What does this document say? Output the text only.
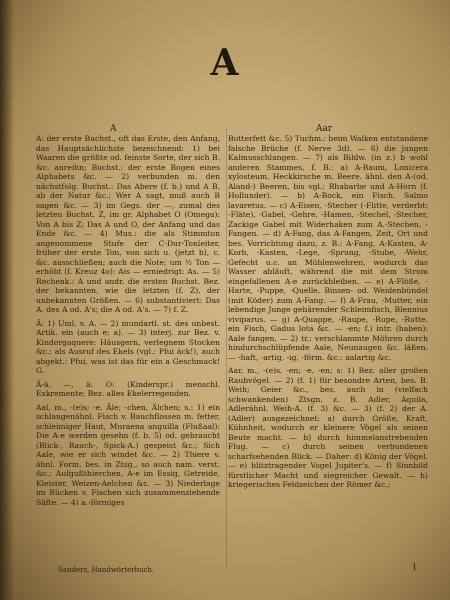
A
A	Aar

A: der erste Buchst., oft das Erste, den Anfang, das Hauptsächlichste bezeichnend: 1) bei Waaren die größte od. feinste Sorte, der sich B. &c. anreihn; Buchst.: der erste Bogen eines Alphabets &c. — 2) verbunden m. den nächstfolg. Buchst.: Das Abere (f. b.) und A B, ab der Natur &c.; Wer A sagt, muß auch B sagen &c. — 3) im Gegs. der —, zumal des letzten Buchst. Z, im gr. Alphabet O (Omega): Von A bis Z; Das A und O, der Anfang und das Ende &c. — 4) Mus.: die als Stimmton angenommene Stufe der C-Dur-Tonleiter, früher der erste Ton, von sich u. (jetzt b), c. &c. ausschließen; auch die Note; um ½ Ton — erhöht (f. Kreuz 4o): Ais — erniedrigt: As. — 5) Rechenk.: A und andr. die ersten Buchst. Bez. der bekannten, wie die letzten (f. Z), der unbekannten Größen. — 6) substantiviert: Das A, des A od. A's; die A od. A's. — 7) f. Z.

Ä: 1) Uml. v. A. — 2) mundartl. st. des unbest. Artik. ein (auch e; a). — 3) interj. zur Bez. v. Kindergaquere: Häusgern, verlegnem Stocken &c.; als Ausruf des Ekels (vgl.: Pfui äck!), auch abgekt.: Pfui, was ist das für ein a Geschmack! G.

Ä-ä, —, ä: O: (Kinderspr.) menschl. Exkremente; Bez. alles Ekelerregenden.

Aal, m., -(e)s; -e. Äle; -chen, Älchen; s.: 1) ein schlangenähnl. Fisch v. Bauchflossen m. fetter, schleimiger Haut, Muraena anguilla (Flußaal): Die A-e werden gesehn (f. b. 5) od. gebraucht (Blick-, Rauch-, Spick-A.) gespeist &c.; Sich Aale, wie er sich windet &c. — 2) Thiere v. ähnl. Form, bes. in Ztsg., so auch nam. verst. &c.: Aufgußthierchen, A-e im Essig, Getreide, Kleister, Weizen-Aelchen &c. — 3) Niederlage im Rücken v. Fischen sich zusammenziehende Säfte. — 4) a.-förmiges

Butterfett &c. 5) Tuchm.: beim Walken entstandene falsche Brüche (f. Nerve 3d). — 6) die jungen Kalmusschlangen. — 7) als Bildw. (in z.) b wohl anderen Stammes, f. B.: a) A-Baum, Lonicera xylosteum, Heckkirsche m. Beere. ähnl. den A-(od. Aland-) Beeren, bis vgl.: Rhabarbe und A-Horn (f. Hollunder). — b) A-Bock, ein Fisch, Salmo lavaretus. — c) A-Eisen, -Stecher (-Flitte, verderbt: -Fläte), -Gabel, -Gehre, -Hamen, -Stechel, -Stecher, Zackige Gabel mit Widerhaken zum A.-Stechen, -Fangen. — d) A-Fang, das A-Fangen, Zeit, Ort und bes. Vorrichtung dazu, z. B.: A-Fang, A-Kasten, A-Korb, -Kasten, -Lege, -Sprung, -Stube, -Wehr, Gefecht u.c. an Mühlenwehren, wodurch das Wasser abläuft, während die mit dem Strom eingefallenen A-e zurückbleiben. — e) A-Flöße, -Harte, -Puppe, -Quelle, Binsen- od. Weidenbündel (mit Köder) zum A-Fang. — f) A-Frau, -Mutter, ein lebendige Junge gebärender Schleimfisch, Blennius viviparus. — g) A-Quappe, -Raupe, -Rupe, -Rutte, ein Fisch, Gadus lota &c. — -en; f.) intr. (haben): Aale fangen. — 2) tr.: verschlammte Möhren durch hindurchschlüpfende Aale, Neunaugen &c. läßen. — -haft, -artig, -ig, -förm. &c.: aalartig &c.

Aar, m., -(e)s, -en; -e, -en; s: 1) Bez. aller großen Raubvögel. — 2) (f. 1) für besondre Arten, bes. B. Weih; Geier &c., bes. auch in (vielfach schwankenden) Ztsgn. z. B. Adler, Aquila, Adlerähnl. Weih-A. (f. 3) &c. — 3) (f. 2) der A. (Adler) ausgezeichnet: a) durch Größe, Kraft, Kühnheit, wodurch er kleinere Vögel als seinen Beute macht. — b) durch himmelanstrebenden Flug. — c) durch seinen verbundenen scharfsehenden Blick. — Daher: d) König der Vögel. — e) blitztragender Vogel Jupiter's. — f) Sinnbild fürstlicher Macht und siegreicher Gewalt. — h) kriegerisches Feldzeichen der Römer &c.;

Sanders, Handwörterbuch.	1
